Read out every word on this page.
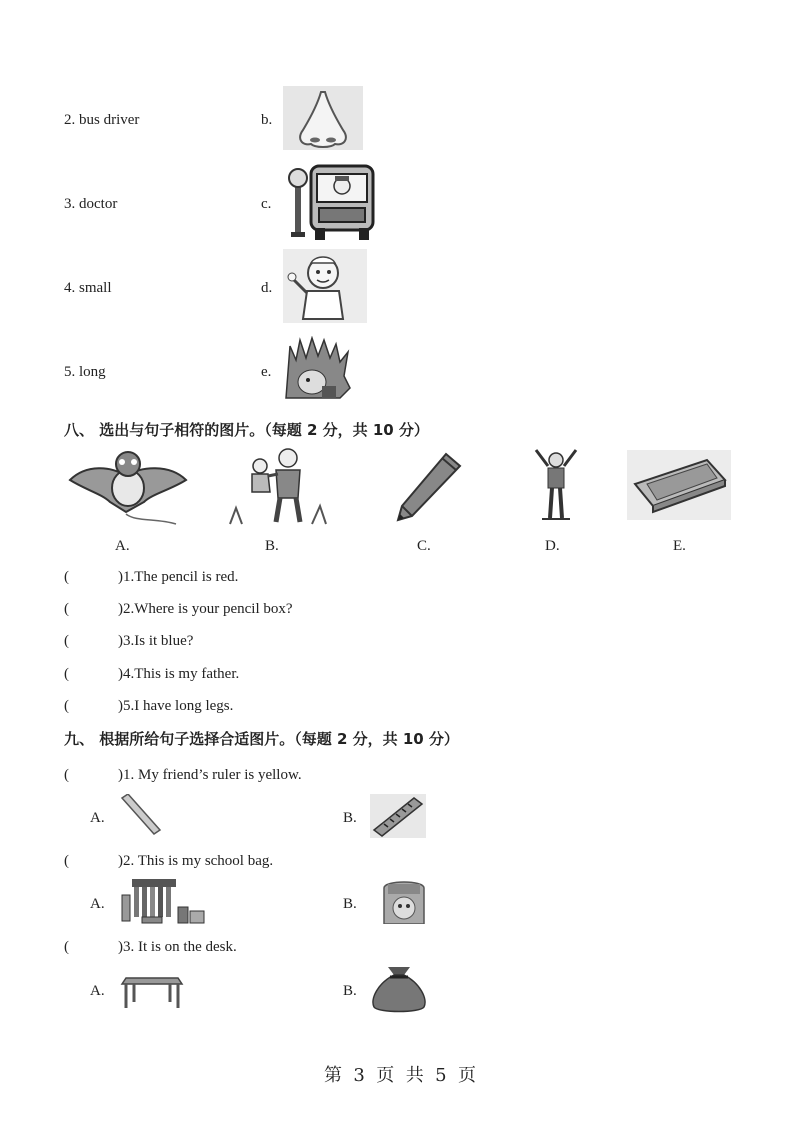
2. bus driver	b.
3. doctor	c.
4. small	d.
5. long	e.
八、 选出与句子相符的图片。（每题 2 分，共 10 分）
A.	B.	C.	D.	E.
(	)1.The pencil is red.
(	)2.Where is your pencil box?
(	)3.Is it blue?
(	)4.This is my father.
(	)5.I have long legs.
九、 根据所给句子选择合适图片。（每题 2 分，共 10 分）
(	)1. My friend’s ruler is yellow.
A.	B.
(	)2. This is my school bag.
A.	B.
(	)3. It is on the desk.
A.	B.
第  3  页  共  5  页
